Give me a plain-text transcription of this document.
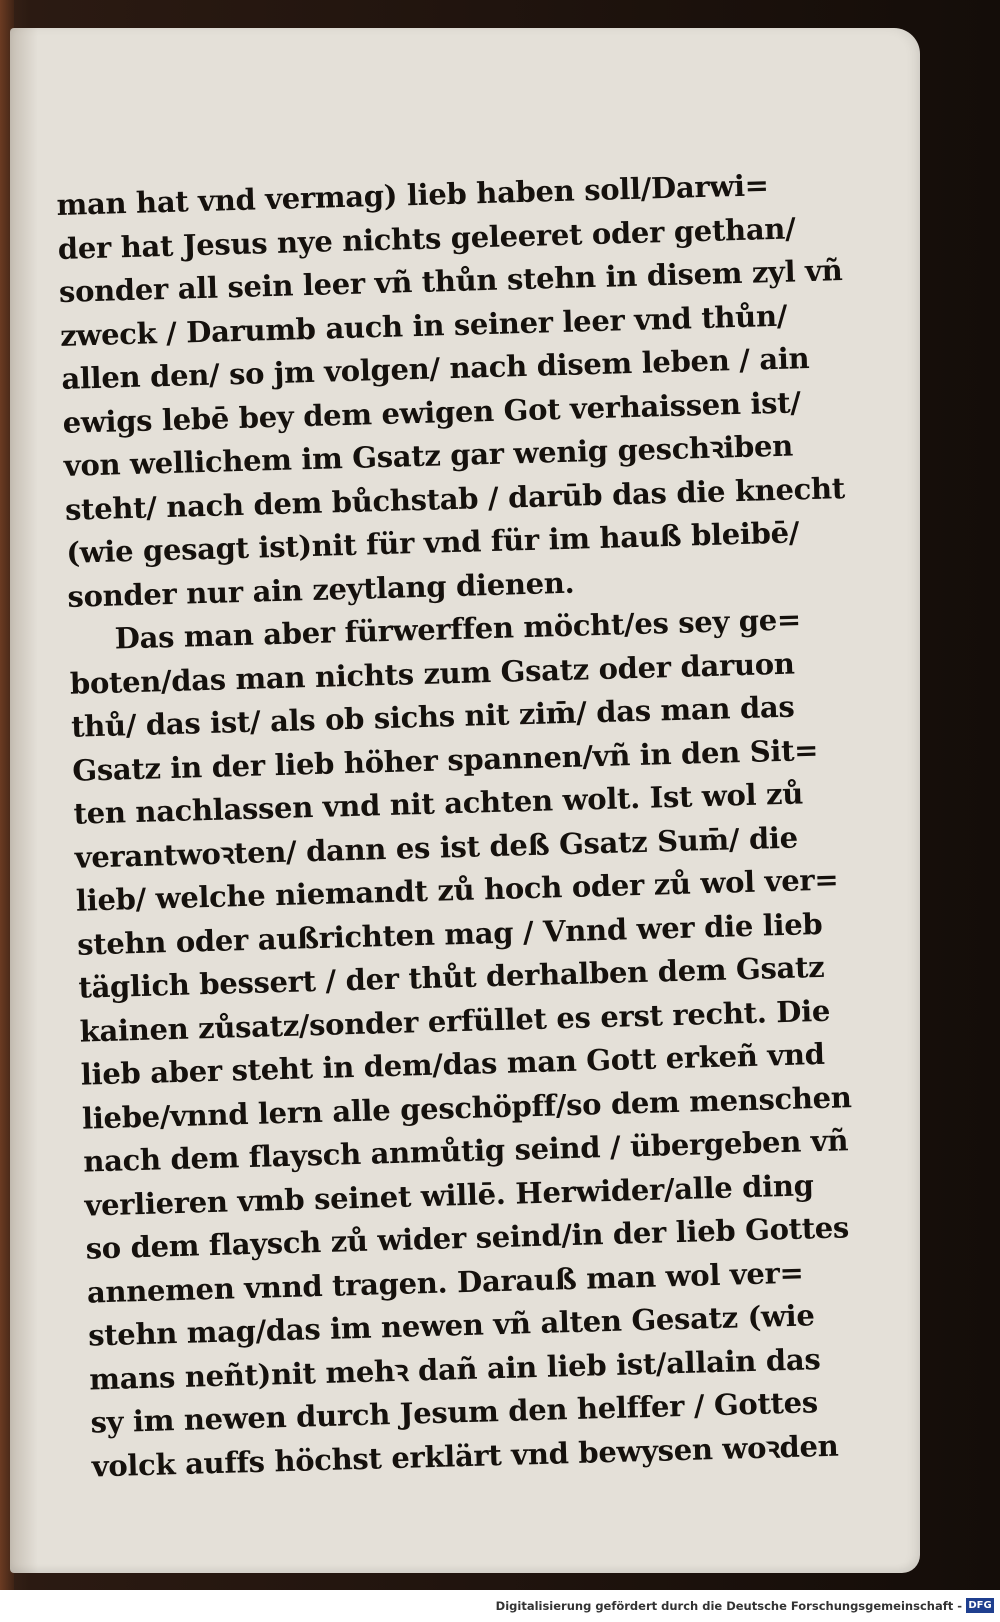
man hat vnd vermag) lieb haben soll/Darwi=
der hat Jesus nye nichts geleeret oder gethan/
sonder all sein leer vñ thůn stehn in disem zyl vñ
zweck / Darumb auch in seiner leer vnd thůn/
allen den/ so jm volgen/ nach disem leben / ain
ewigs lebē bey dem ewigen Got verhaissen ist/
von wellichem im Gsatz gar wenig geschꝛiben
steht/ nach dem bůchstab / darūb das die knecht
(wie gesagt ist)nit für vnd für im hauß bleibē/
sonder nur ain zeytlang dienen.
Das man aber fürwerffen möcht/es sey ge=
boten/das man nichts zum Gsatz oder daruon
thů/ das ist/ als ob sichs nit zim̄/ das man das
Gsatz in der lieb höher spannen/vñ in den Sit=
ten nachlassen vnd nit achten wolt. Ist wol zů
verantwoꝛten/ dann es ist deß Gsatz Sum̄/ die
lieb/ welche niemandt zů hoch oder zů wol ver=
stehn oder außrichten mag / Vnnd wer die lieb
täglich bessert / der thůt derhalben dem Gsatz
kainen zůsatz/sonder erfüllet es erst recht. Die
lieb aber steht in dem/das man Gott erkeñ vnd
liebe/vnnd lern alle geschöpff/so dem menschen
nach dem flaysch anmůtig seind / übergeben vñ
verlieren vmb seinet willē. Herwider/alle ding
so dem flaysch zů wider seind/in der lieb Gottes
annemen vnnd tragen. Darauß man wol ver=
stehn mag/das im newen vñ alten Gesatz (wie
mans neñt)nit mehꝛ dañ ain lieb ist/allain das
sy im newen durch Jesum den helffer / Gottes
volck auffs höchst erklärt vnd bewysen woꝛden
Digitalisierung gefördert durch die Deutsche Forschungsgemeinschaft - DFG
